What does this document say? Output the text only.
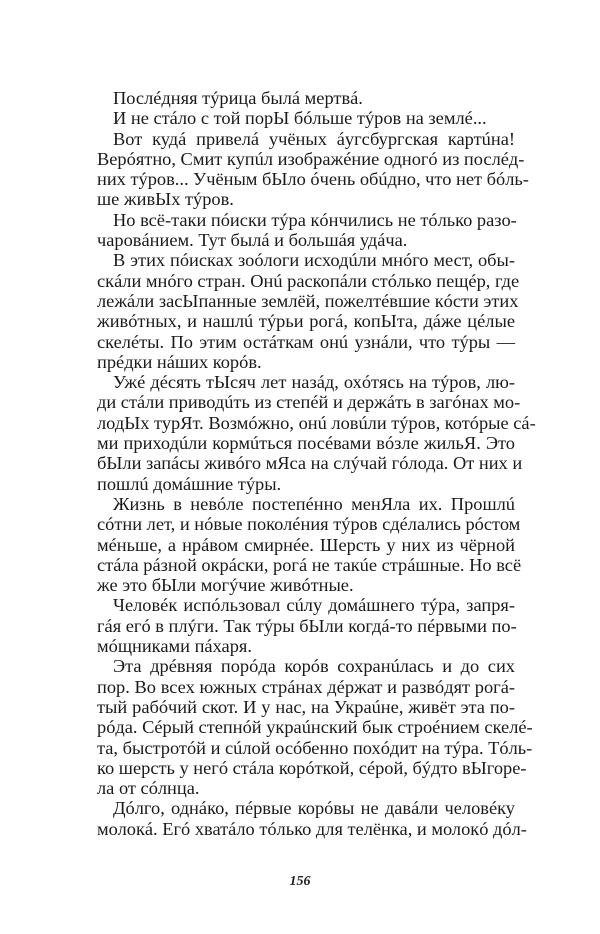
Послéдняя тýрица былá мертвá.
И не стáло с той порЫ бóльше тýров на землé...
Вот кудá привелá учёных áугсбургская картúна!
Верóятно, Смит купúл изображéние одногó из послéд-
них тýров... Учёным бЫло óчень обúдно, что нет бóль-
ше живЫх тýров.
Но всё-таки пóиски тýра кóнчились не тóлько разо-
чаровáнием. Тут былá и большáя удáча.
В этих пóисках зоóлоги исходúли мнóго мест, обы-
скáли мнóго стран. Онú раскопáли стóлько пещéр, где
лежáли засЫпанные землёй, пожелтéвшие кóсти этих
живóтных, и нашлú тýрьи рогá, копЫта, дáже цéлые
скелéты. По этим остáткам онú узнáли, что тýры —
прéдки нáших корóв.
Ужé дéсять тЫсяч лет назáд, охóтясь на тýров, лю-
ди стáли приводúть из степéй и держáть в загóнах мо-
лодЫх турЯт. Возмóжно, онú ловúли тýров, котóрые сá-
ми приходúли кормúться посéвами вóзле жильЯ. Это
бЫли запáсы живóго мЯса на слýчай гóлода. От них и
пошлú домáшние тýры.
Жизнь в невóле постепéнно менЯла их. Прошлú
сóтни лет, и нóвые поколéния тýров сдéлались рóстом
мéньше, а нрáвом смирнéе. Шерсть у них из чёрной
стáла рáзной окрáски, рогá не такúе стрáшные. Но всё
же это бЫли могýчие живóтные.
Человéк испóльзовал сúлу домáшнего тýра, запря-
гáя егó в плýги. Так тýры бЫли когдá-то пéрвыми по-
мóщниками пáхаря.
Эта дрéвняя порóда корóв сохранúлась и до сих
пор. Во всех южных стрáнах дéржат и развóдят рогá-
тый рабóчий скот. И у нас, на Украúне, живёт эта по-
рóда. Сéрый степнóй украúнский бык строéнием скелé-
та, быстротóй и сúлой осóбенно похóдит на тýра. Тóль-
ко шерсть у негó стáла корóткой, сéрой, бýдто вЫгоре-
ла от сóлнца.
Дóлго, однáко, пéрвые корóвы не давáли человéку
молокá. Егó хватáло тóлько для телёнка, и молокó дóл-
156
